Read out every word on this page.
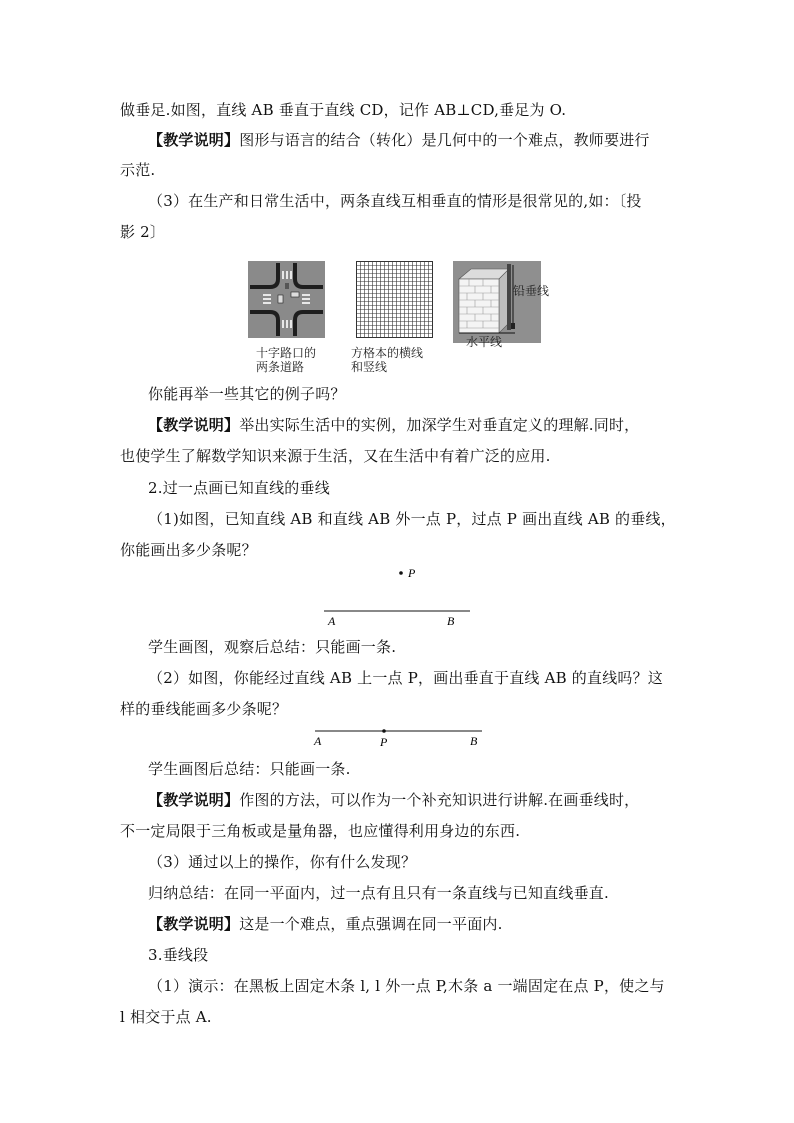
做垂足.如图，直线 AB 垂直于直线 CD，记作 AB⊥CD,垂足为 O.
【教学说明】图形与语言的结合（转化）是几何中的一个难点，教师要进行
示范.
（3）在生产和日常生活中，两条直线互相垂直的情形是很常见的,如：〔投
影 2〕
十字路口的
两条道路
方格本的横线
和竖线
铅垂线
水平线
你能再举一些其它的例子吗？
【教学说明】举出实际生活中的实例，加深学生对垂直定义的理解.同时，
也使学生了解数学知识来源于生活，又在生活中有着广泛的应用.
2.过一点画已知直线的垂线
（1)如图，已知直线 AB 和直线 AB 外一点 P，过点 P 画出直线 AB 的垂线，
你能画出多少条呢？
P
A	B
学生画图，观察后总结：只能画一条.
（2）如图，你能经过直线 AB 上一点 P，画出垂直于直线 AB 的直线吗？这
样的垂线能画多少条呢？
A	P	B
学生画图后总结：只能画一条.
【教学说明】作图的方法，可以作为一个补充知识进行讲解.在画垂线时，
不一定局限于三角板或是量角器，也应懂得利用身边的东西.
（3）通过以上的操作，你有什么发现？
归纳总结：在同一平面内，过一点有且只有一条直线与已知直线垂直.
【教学说明】这是一个难点，重点强调在同一平面内.
3.垂线段
（1）演示：在黑板上固定木条 l, l 外一点 P,木条 a 一端固定在点 P，使之与
l 相交于点 A.
